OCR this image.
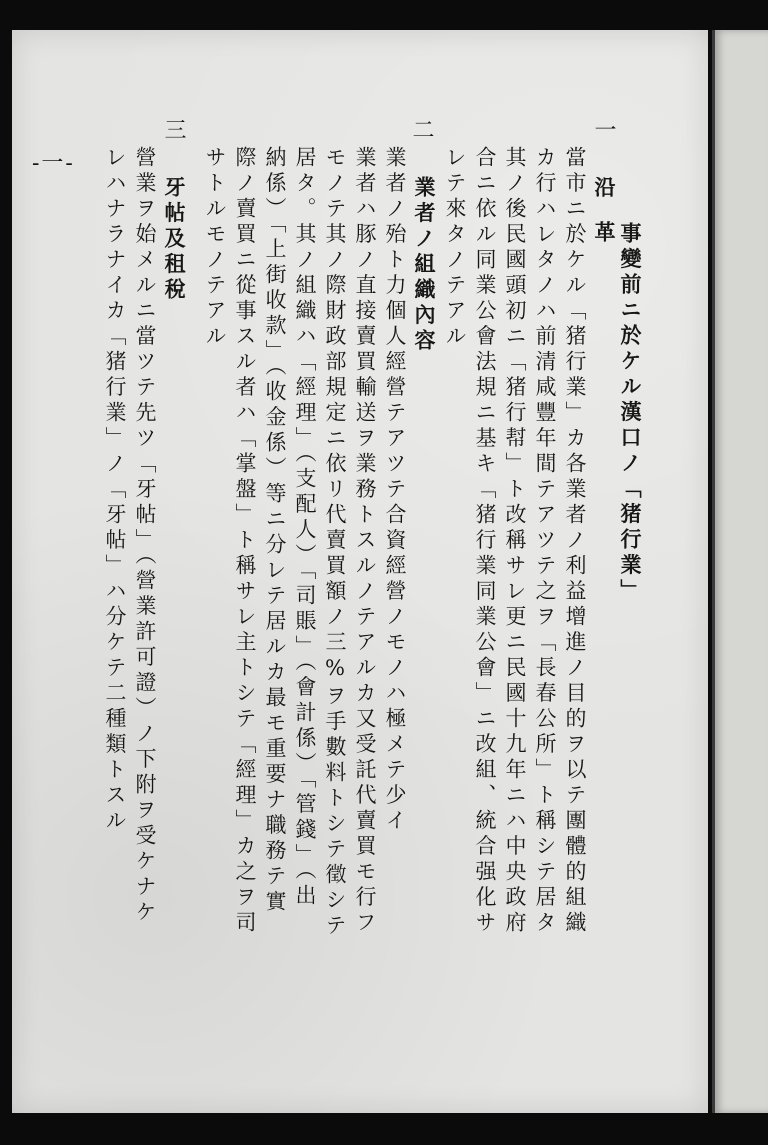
事變前ニ於ケル漢口ノ「猪行業」
一
沿革
當市ニ於ケル「猪行業」カ各業者ノ利益增進ノ目的ヲ以テ團體的組織
カ行ハレタノハ前清咸豐年間テアツテ之ヲ「長春公所」ト稱シテ居タ
其ノ後民國頭初ニ「猪行幇」ト改稱サレ更ニ民國十九年ニハ中央政府
合ニ依ル同業公會法規ニ基キ「猪行業同業公會」ニ改組、統合强化サ
レテ來タノテアル
二
業者ノ組織內容
業者ノ殆ト力個人經營テアツテ合資經營ノモノハ極メテ少イ
業者ハ豚ノ直接賣買輸送ヲ業務トスルノテアルカ又受託代賣買モ行フ
モノテ其ノ際財政部規定ニ依リ代賣買額ノ三%ヲ手數料トシテ徵シテ
居タ。其ノ組織ハ「經理」（支配人）「司賬」（會計係）「管錢」（出
納係）「上街收款」（收金係）等ニ分レテ居ルカ最モ重要ナ職務テ實
際ノ賣買ニ從事スル者ハ「掌盤」ト稱サレ主トシテ「經理」カ之ヲ司
サトルモノテアル
三
牙帖及租稅
營業ヲ始メルニ當ツテ先ツ「牙帖」（營業許可證）ノ下附ヲ受ケナケ
レハナラナイカ「猪行業」ノ「牙帖」ハ分ケテ二種類トスル
-一-
